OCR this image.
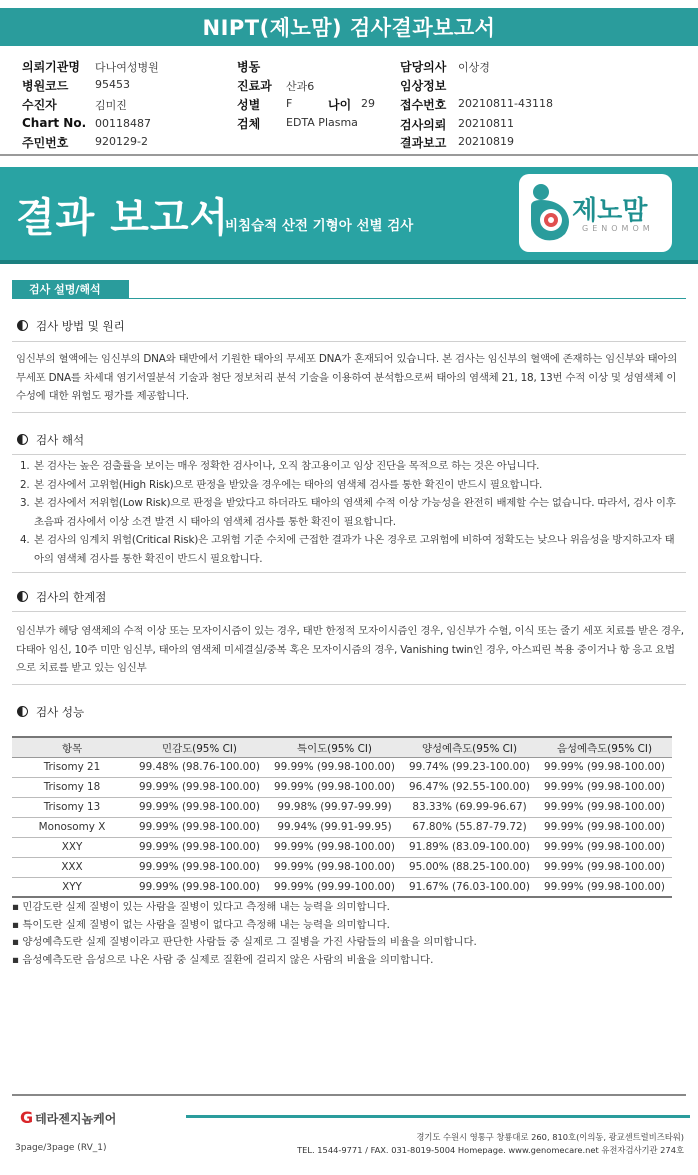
NIPT(제노맘) 검사결과보고서
의뢰기관명 다나여성병원
병원코드 95453
수진자	김미진
Chart No. 00118487
주민번호 920129-2
병동
진료과 산과6
성별 F	나이 29
검체 EDTA Plasma
담당의사 이상경
임상정보
접수번호 20210811-43118
검사의뢰 20210811
결과보고 20210819
결과 보고서
비침습적 산전 기형아 선별 검사	제노맘
GENOMOM
검사 설명/해석
검사 방법 및 원리
임신부의 혈액에는 임신부의 DNA와 태반에서 기원한 태아의 무세포 DNA가 혼재되어 있습니다. 본 검사는 임신부의 혈액에 존재하는 임신부와 태아의 무세포 DNA를 차세대 염기서열분석 기술과 첨단 정보처리 분석 기술을 이용하여 분석함으로써 태아의 염색체 21, 18, 13번 수적 이상 및 성염색체 이수성에 대한 위험도 평가를 제공합니다.
검사 해석
1. 본 검사는 높은 검출률을 보이는 매우 정확한 검사이나, 오직 참고용이고 임상 진단을 목적으로 하는 것은 아닙니다.
2. 본 검사에서 고위험(High Risk)으로 판정을 받았을 경우에는 태아의 염색체 검사를 통한 확진이 반드시 필요합니다.
3. 본 검사에서 저위험(Low Risk)으로 판정을 받았다고 하더라도 태아의 염색체 수적 이상 가능성을 완전히 배제할 수는 없습니다. 따라서, 검사 이후 초음파 검사에서 이상 소견 발견 시 태아의 염색체 검사를 통한 확진이 필요합니다.
4. 본 검사의 임계치 위험(Critical Risk)은 고위험 기준 수치에 근접한 결과가 나온 경우로 고위험에 비하여 정확도는 낮으나 위음성을 방지하고자 태아의 염색체 검사를 통한 확진이 반드시 필요합니다.
검사의 한계점
임신부가 해당 염색체의 수적 이상 또는 모자이시즘이 있는 경우, 태반 한정적 모자이시즘인 경우, 임신부가 수혈, 이식 또는 줄기 세포 치료를 받은 경우, 다태아 임신, 10주 미만 임신부, 태아의 염색체 미세결실/중복 혹은 모자이시즘의 경우, Vanishing twin인 경우, 아스피린 복용 중이거나 항 응고 요법으로 치료를 받고 있는 임신부
검사 성능
항목	민감도(95% CI)	특이도(95% CI)	양성예측도(95% CI)	음성예측도(95% CI)
Trisomy 21	99.48% (98.76-100.00)	99.99% (99.98-100.00)	99.74% (99.23-100.00)	99.99% (99.98-100.00)
Trisomy 18	99.99% (99.98-100.00)	99.99% (99.98-100.00)	96.47% (92.55-100.00)	99.99% (99.98-100.00)
Trisomy 13	99.99% (99.98-100.00)	99.98% (99.97-99.99)	83.33% (69.99-96.67)	99.99% (99.98-100.00)
Monosomy X	99.99% (99.98-100.00)	99.94% (99.91-99.95)	67.80% (55.87-79.72)	99.99% (99.98-100.00)
XXY	99.99% (99.98-100.00)	99.99% (99.98-100.00)	91.89% (83.09-100.00)	99.99% (99.98-100.00)
XXX	99.99% (99.98-100.00)	99.99% (99.98-100.00)	95.00% (88.25-100.00)	99.99% (99.98-100.00)
XYY	99.99% (99.98-100.00)	99.99% (99.99-100.00)	91.67% (76.03-100.00)	99.99% (99.98-100.00)
▪ 민감도란 실제 질병이 있는 사람을 질병이 있다고 측정해 내는 능력을 의미합니다.
▪ 특이도란 실제 질병이 없는 사람을 질병이 없다고 측정해 내는 능력을 의미합니다.
▪ 양성예측도란 실제 질병이라고 판단한 사람들 중 실제로 그 질병을 가진 사람들의 비율을 의미합니다.
▪ 음성예측도란 음성으로 나온 사람 중 실제로 질환에 걸리지 않은 사람의 비율을 의미합니다.
G 테라젠지놈케어
3page/3page (RV_1)
경기도 수원시 영통구 창룡대로 260, 810호(이의동, 광교센트럴비즈타워)
TEL. 1544-9771 / FAX. 031-8019-5004 Homepage. www.genomecare.net 유전자검사기관 274호
